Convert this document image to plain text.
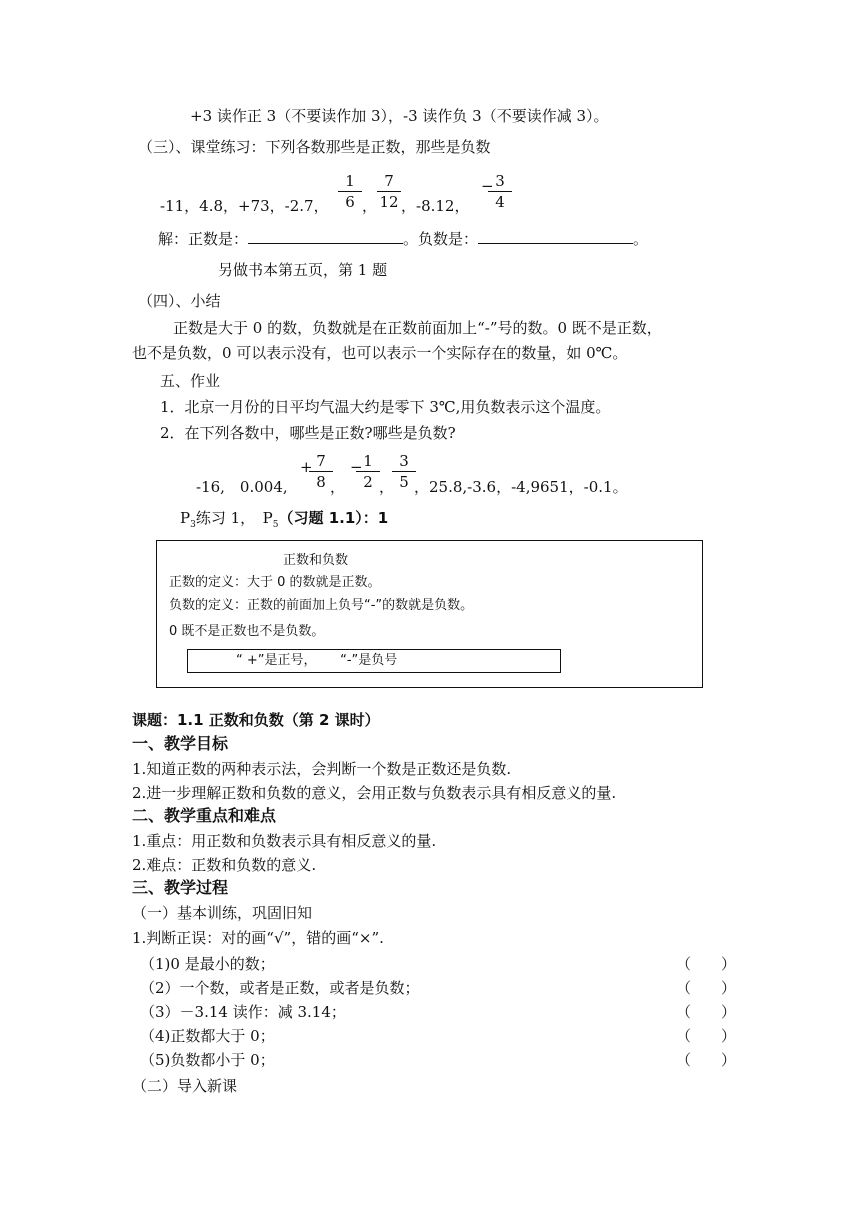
+3 读作正 3（不要读作加 3），-3 读作负 3（不要读作减 3）。
（三）、课堂练习：下列各数那些是正数，那些是负数
-11，4.8，+73，-2.7， $\frac{1}{6}$ ， $\frac{7}{12}$ ，-8.12，
−
$\frac{3}{4}$
解：正数是：	。负数是：	。
另做书本第五页，第 1 题
（四）、小结
正数是大于 0 的数，负数就是在正数前面加上“-”号的数。0 既不是正数，
也不是负数，0 可以表示没有，也可以表示一个实际存在的数量，如 0℃。
五、作业
1．北京一月份的日平均气温大约是零下 3℃,用负数表示这个温度。
2．在下列各数中，哪些是正数?哪些是负数?
-16,　0.004,
+
$\frac{7}{8}$
，
−
$\frac{1}{2}$ ，
$\frac{3}{5}$
，25.8,-3.6，-4,9651，-0.1。
$P_3$练习 1，　$P_5$（习题 1.1）：1
正数和负数
正数的定义：大于 0 的数就是正数。
负数的定义：正数的前面加上负号“-”的数就是负数。
0 既不是正数也不是负数。
“ +”是正号，　　 “-”是负号
课题：1.1 正数和负数（第 2 课时）
一、教学目标
1.知道正数的两种表示法，会判断一个数是正数还是负数.
2.进一步理解正数和负数的意义，会用正数与负数表示具有相反意义的量.
二、教学重点和难点
1.重点：用正数和负数表示具有相反意义的量.
2.难点：正数和负数的意义.
三、教学过程
（一）基本训练，巩固旧知
1.判断正误：对的画“√”，错的画“×”.
（1)0 是最小的数；	（　　）
（2）一个数，或者是正数，或者是负数；	（　　）
（3）－3.14 读作：减 3.14；	（　　）
（4)正数都大于 0；	（　　）
（5)负数都小于 0；	（　　）
（二）导入新课
